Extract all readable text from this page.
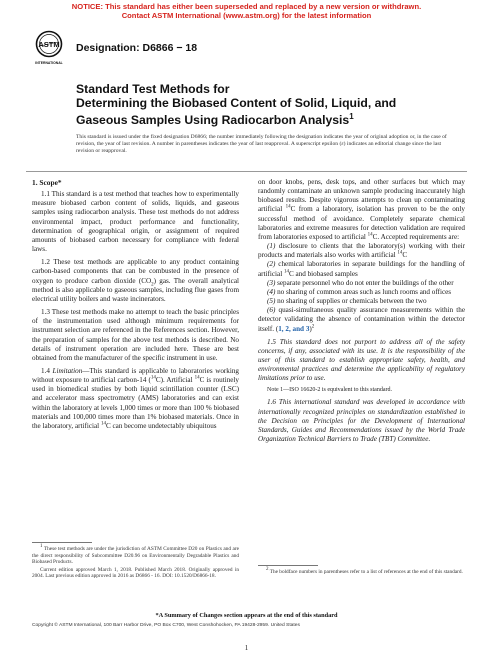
NOTICE: This standard has either been superseded and replaced by a new version or withdrawn.
Contact ASTM International (www.astm.org) for the latest information
ASTM
INTERNATIONAL
Designation: D6866 − 18
Standard Test Methods for
Determining the Biobased Content of Solid, Liquid, and
Gaseous Samples Using Radiocarbon Analysis$^1$
This standard is issued under the fixed designation D6866; the number immediately following the designation indicates the year of original adoption or, in the case of revision, the year of last revision. A number in parentheses indicates the year of last reapproval. A superscript epsilon (ε) indicates an editorial change since the last revision or reapproval.

1. Scope*

1.1 This standard is a test method that teaches how to experimentally measure biobased carbon content of solids, liquids, and gaseous samples using radiocarbon analysis. These test methods do not address environmental impact, product performance and functionality, determination of geographical origin, or assignment of required amounts of biobased carbon necessary for compliance with federal laws.

1.2 These test methods are applicable to any product containing carbon-based components that can be combusted in the presence of oxygen to produce carbon dioxide $(CO_2)$ gas. The overall analytical method is also applicable to gaseous samples, including flue gases from electrical utility boilers and waste incinerators.

1.3 These test methods make no attempt to teach the basic principles of the instrumentation used although minimum requirements for instrument selection are referenced in the References section. However, the preparation of samples for the above test methods is described. No details of instrument operation are included here. These are best obtained from the manufacturer of the specific instrument in use.

1.4 Limitation—This standard is applicable to laboratories working without exposure to artificial carbon-14 ($^{14}$C). Artificial $^{14}$C is routinely used in biomedical studies by both liquid scintillation counter (LSC) and accelerator mass spectrometry (AMS) laboratories and can exist within the laboratory at levels 1,000 times or more than 100 % biobased materials and 100,000 times more than 1% biobased materials. Once in the laboratory, artificial $^{14}$C can become undetectably ubiquitous

$^1$ These test methods are under the jurisdiction of ASTM Committee D20 on Plastics and are the direct responsibility of Subcommittee D20.96 on Environmentally Degradable Plastics and Biobased Products.

Current edition approved March 1, 2018. Published March 2018. Originally approved in 2004. Last previous edition approved in 2016 as D6866 - 16. DOI: 10.1520/D6866-18.

on door knobs, pens, desk tops, and other surfaces but which may randomly contaminate an unknown sample producing inaccurately high biobased results. Despite vigorous attempts to clean up contaminating artificial $^{14}$C from a laboratory, isolation has proven to be the only successful method of avoidance. Completely separate chemical laboratories and extreme measures for detection validation are required from laboratories exposed to artificial $^{14}$C. Accepted requirements are:

(1) disclosure to clients that the laboratory(s) working with their products and materials also works with artificial $^{14}$C

(2) chemical laboratories in separate buildings for the handling of artificial $^{14}$C and biobased samples

(3) separate personnel who do not enter the buildings of the other

(4) no sharing of common areas such as lunch rooms and offices

(5) no sharing of supplies or chemicals between the two

(6) quasi-simultaneous quality assurance measurements within the detector validating the absence of contamination within the detector itself. (1, 2, and 3)$^2$

1.5 This standard does not purport to address all of the safety concerns, if any, associated with its use. It is the responsibility of the user of this standard to establish appropriate safety, health, and environmental practices and determine the applicability of regulatory limitations prior to use.

Note 1—ISO 16620-2 is equivalent to this standard.

1.6 This international standard was developed in accordance with internationally recognized principles on standardization established in the Decision on Principles for the Development of International Standards, Guides and Recommendations issued by the World Trade Organization Technical Barriers to Trade (TBT) Committee.

$^2$ The boldface numbers in parentheses refer to a list of references at the end of this standard.

*A Summary of Changes section appears at the end of this standard
Copyright © ASTM International, 100 Barr Harbor Drive, PO Box C700, West Conshohocken, PA 19428-2959. United States
1
